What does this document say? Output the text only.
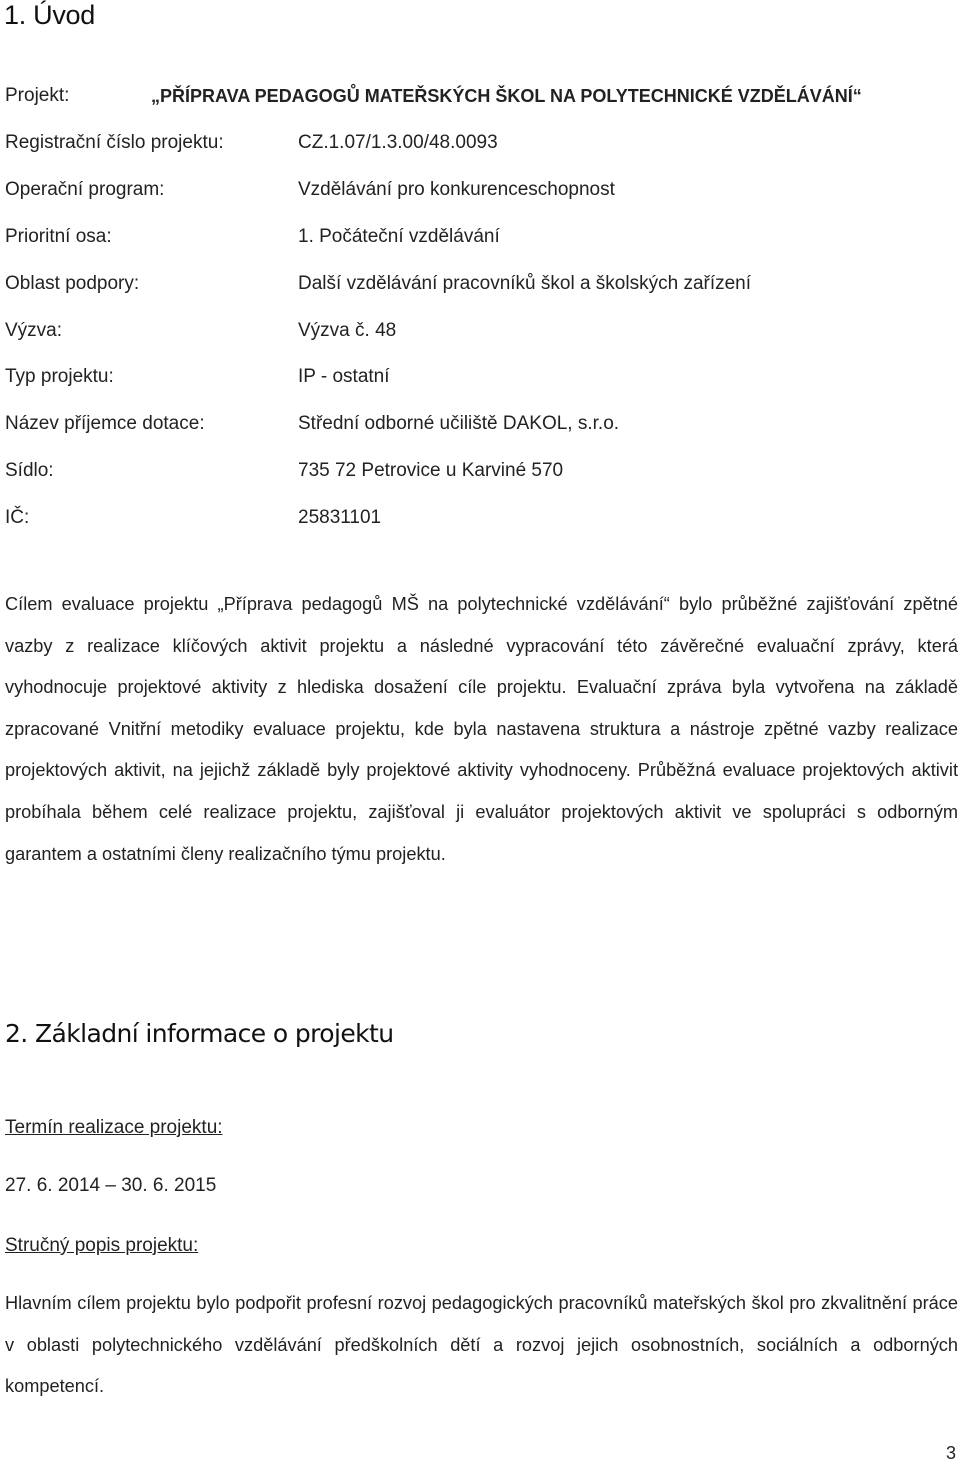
1. Úvod
Projekt:	„PŘÍPRAVA PEDAGOGŮ MATEŘSKÝCH ŠKOL NA POLYTECHNICKÉ VZDĚLÁVÁNÍ“
Registrační číslo projektu:	CZ.1.07/1.3.00/48.0093
Operační program:	Vzdělávání pro konkurenceschopnost
Prioritní osa:	1. Počáteční vzdělávání
Oblast podpory:	Další vzdělávání pracovníků škol a školských zařízení
Výzva:	Výzva č. 48
Typ projektu:	IP - ostatní
Název příjemce dotace:	Střední odborné učiliště DAKOL, s.r.o.
Sídlo:	735 72 Petrovice u Karviné 570
IČ:	25831101
Cílem evaluace projektu „Příprava pedagogů MŠ na polytechnické vzdělávání“ bylo průběžné zajišťování zpětné vazby z realizace klíčových aktivit projektu a následné vypracování této závěrečné evaluační zprávy, která vyhodnocuje projektové aktivity z hlediska dosažení cíle projektu. Evaluační zpráva byla vytvořena na základě zpracované Vnitřní metodiky evaluace projektu, kde byla nastavena struktura a nástroje zpětné vazby realizace projektových aktivit, na jejichž základě byly projektové aktivity vyhodnoceny. Průběžná evaluace projektových aktivit probíhala během celé realizace projektu, zajišťoval ji evaluátor projektových aktivit ve spolupráci s odborným garantem a ostatními členy realizačního týmu projektu.
2. Základní informace o projektu
Termín realizace projektu:
27. 6. 2014 – 30. 6. 2015
Stručný popis projektu:
Hlavním cílem projektu bylo podpořit profesní rozvoj pedagogických pracovníků mateřských škol pro zkvalitnění práce v oblasti polytechnického vzdělávání předškolních dětí a rozvoj jejich osobnostních, sociálních a odborných kompetencí.
3
